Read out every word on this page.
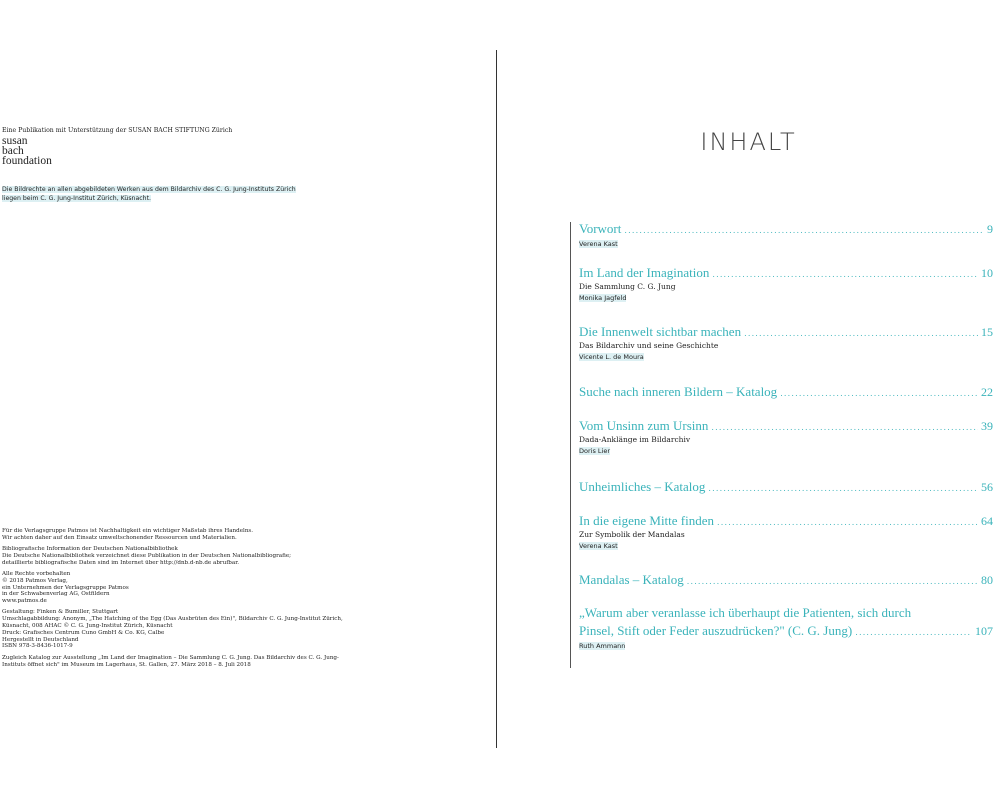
Eine Publikation mit Unterstützung der SUSAN BACH STIFTUNG Zürich
susan
bach
foundation
Die Bildrechte an allen abgebildeten Werken aus dem Bildarchiv des C. G. Jung-Instituts Zürich
liegen beim C. G. Jung-Institut Zürich, Küsnacht.

Für die Verlagsgruppe Patmos ist Nachhaltigkeit ein wichtiger Maßstab ihres Handelns.
Wir achten daher auf den Einsatz umweltschonender Ressourcen und Materialien.

Bibliografische Information der Deutschen Nationalbibliothek
Die Deutsche Nationalbibliothek verzeichnet diese Publikation in der Deutschen Nationalbibliografie;
detaillierte bibliografische Daten sind im Internet über http://dnb.d-nb.de abrufbar.

Alle Rechte vorbehalten
© 2018 Patmos Verlag,
ein Unternehmen der Verlagsgruppe Patmos
in der Schwabenverlag AG, Ostfildern
www.patmos.de

Gestaltung: Finken & Bumiller, Stuttgart
Umschlagabbildung: Anonym, „The Hatching of the Egg (Das Ausbrüten des Ein)", Bildarchiv C. G. Jung-Institut Zürich,
Küsnacht, 008 AHAC © C. G. Jung-Institut Zürich, Küsnacht
Druck: Grafisches Centrum Cuno GmbH & Co. KG, Calbe
Hergestellt in Deutschland
ISBN 978-3-8436-1017-9

Zugleich Katalog zur Ausstellung „Im Land der Imagination – Die Sammlung C. G. Jung. Das Bildarchiv des C. G. Jung-
Instituts öffnet sich" im Museum im Lagerhaus, St. Gallen, 27. März 2018 – 8. Juli 2018

INHALT
Vorwort .....	9
Verena Kast
Im Land der Imagination .....	10
Die Sammlung C. G. Jung
Monika Jagfeld
Die Innenwelt sichtbar machen .....	15
Das Bildarchiv und seine Geschichte
Vicente L. de Moura
Suche nach inneren Bildern – Katalog .....	22
Vom Unsinn zum Ursinn .....	39
Dada-Anklänge im Bildarchiv
Doris Lier
Unheimliches – Katalog .....	56
In die eigene Mitte finden .....	64
Zur Symbolik der Mandalas
Verena Kast
Mandalas – Katalog .....	80
„Warum aber veranlasse ich überhaupt die Patienten, sich durch
Pinsel, Stift oder Feder auszudrücken?" (C. G. Jung) .....	107
Ruth Ammann
